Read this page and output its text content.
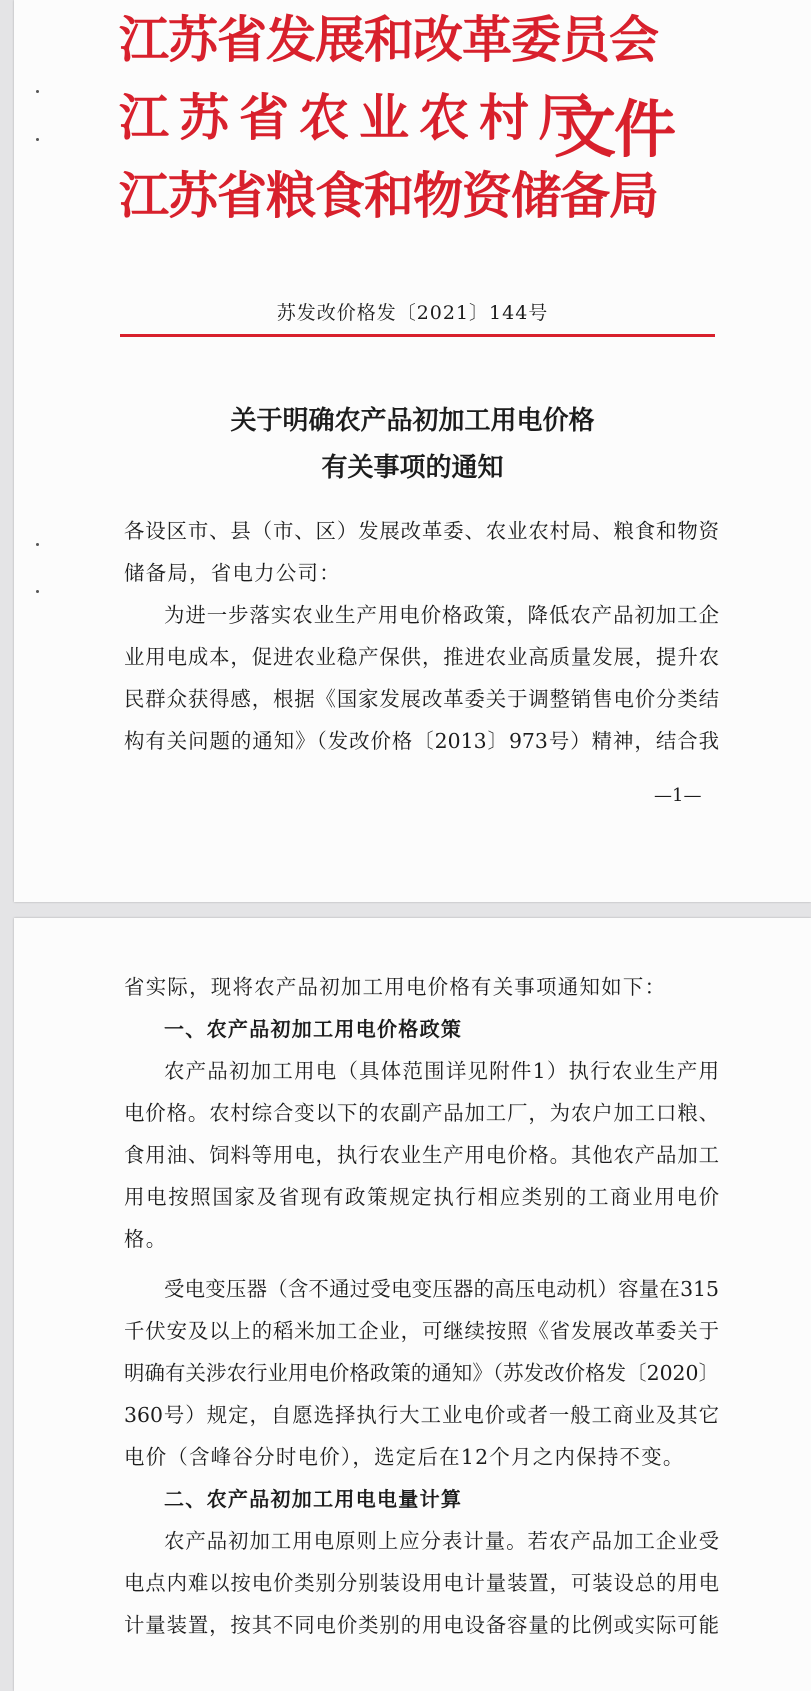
江苏省发展和改革委员会
江苏省农业农村厅
江苏省粮食和物资储备局
文件
苏发改价格发〔2021〕144号
关于明确农产品初加工用电价格
有关事项的通知
各设区市、县（市、区）发展改革委、农业农村局、粮食和物资
储备局，省电力公司：
为进一步落实农业生产用电价格政策，降低农产品初加工企
业用电成本，促进农业稳产保供，推进农业高质量发展，提升农
民群众获得感，根据《国家发展改革委关于调整销售电价分类结
构有关问题的通知》（发改价格〔2013〕973号）精神，结合我
—1—
省实际，现将农产品初加工用电价格有关事项通知如下：
一、农产品初加工用电价格政策
农产品初加工用电（具体范围详见附件1）执行农业生产用
电价格。农村综合变以下的农副产品加工厂，为农户加工口粮、
食用油、饲料等用电，执行农业生产用电价格。其他农产品加工
用电按照国家及省现有政策规定执行相应类别的工商业用电价
格。
受电变压器（含不通过受电变压器的高压电动机）容量在315
千伏安及以上的稻米加工企业，可继续按照《省发展改革委关于
明确有关涉农行业用电价格政策的通知》（苏发改价格发〔2020〕
360号）规定，自愿选择执行大工业电价或者一般工商业及其它
电价（含峰谷分时电价），选定后在12个月之内保持不变。
二、农产品初加工用电电量计算
农产品初加工用电原则上应分表计量。若农产品加工企业受
电点内难以按电价类别分别装设用电计量装置，可装设总的用电
计量装置，按其不同电价类别的用电设备容量的比例或实际可能
